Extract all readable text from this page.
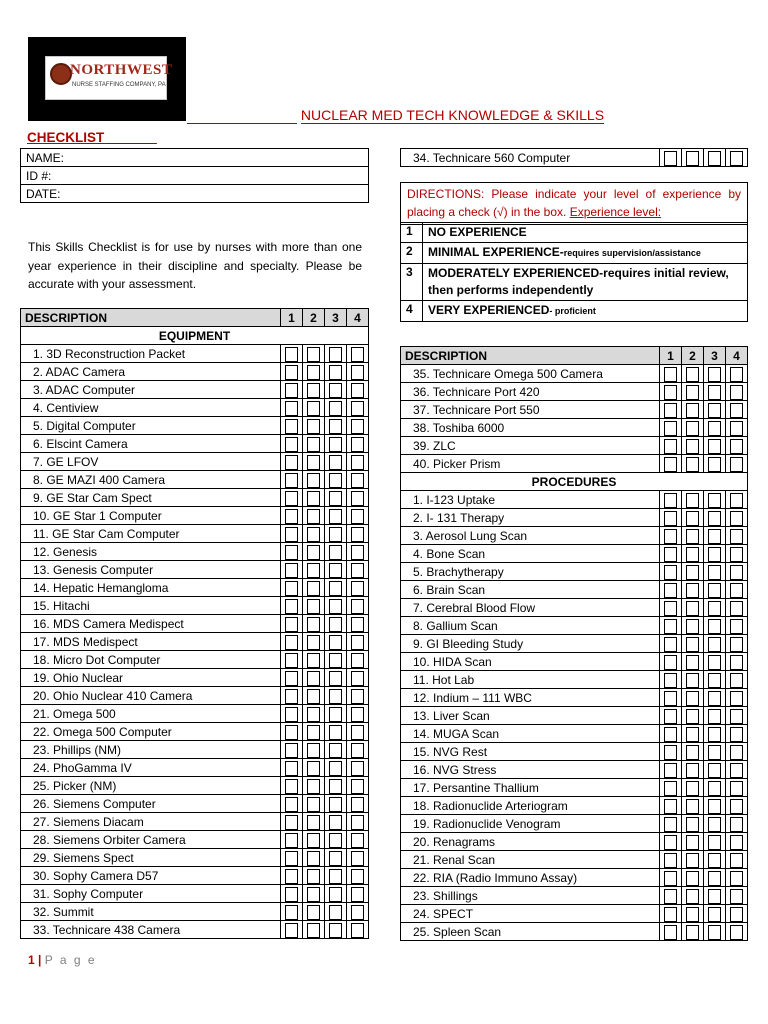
NORTHWEST
NURSE STAFFING COMPANY, PA
NUCLEAR MED TECH KNOWLEDGE & SKILLS
CHECKLIST_______
NAME:
ID #:
DATE:
This Skills Checklist is for use by nurses with more than one year experience in their discipline and specialty. Please be accurate with your assessment.
DESCRIPTION	1	2	3	4
EQUIPMENT				
1. 3D Reconstruction Packet	

2. ADAC Camera	

3. ADAC Computer	

4. Centiview	

5. Digital Computer	

6. Elscint Camera	

7. GE LFOV	

8. GE MAZI 400 Camera	

9. GE Star Cam Spect	

10. GE Star 1 Computer	

11. GE Star Cam Computer	

12. Genesis	

13. Genesis Computer	

14. Hepatic Hemangloma	

15. Hitachi	

16. MDS Camera Medispect	

17. MDS Medispect	

18. Micro Dot Computer	

19. Ohio Nuclear	

20. Ohio Nuclear 410 Camera	

21. Omega 500	

22. Omega 500 Computer	

23. Phillips (NM)	

24. PhoGamma IV	

25. Picker (NM)	

26. Siemens Computer	

27. Siemens Diacam	

28. Siemens Orbiter Camera	

29. Siemens Spect	

30. Sophy Camera D57	

31. Sophy Computer	

32. Summit	

33. Technicare 438 Camera	

34. Technicare 560 Computer	

DIRECTIONS: Please indicate your level of experience by placing a check (√) in the box. Experience level:
1	NO EXPERIENCE
2	MINIMAL EXPERIENCE-requires supervision/assistance
3	MODERATELY EXPERIENCED-requires initial review, then performs independently
4	VERY EXPERIENCED- proficient
DESCRIPTION	1	2	3	4
35. Technicare Omega 500 Camera	

36. Technicare Port 420	

37. Technicare Port 550	

38. Toshiba 6000	

39. ZLC	

40. Picker Prism	

PROCEDURES				
1. I-123 Uptake	

2. I- 131 Therapy	

3. Aerosol Lung Scan	

4. Bone Scan	

5. Brachytherapy	

6. Brain Scan	

7. Cerebral Blood Flow	

8. Gallium Scan	

9. GI Bleeding Study	

10. HIDA Scan	

11. Hot Lab	

12. Indium – 111 WBC	

13. Liver Scan	

14. MUGA Scan	

15. NVG Rest	

16. NVG Stress	

17. Persantine Thallium	

18. Radionuclide Arteriogram	

19. Radionuclide Venogram	

20. Renagrams	

21. Renal Scan	

22. RIA (Radio Immuno Assay)	

23. Shillings	

24. SPECT	

25. Spleen Scan	

1 | P a g e
